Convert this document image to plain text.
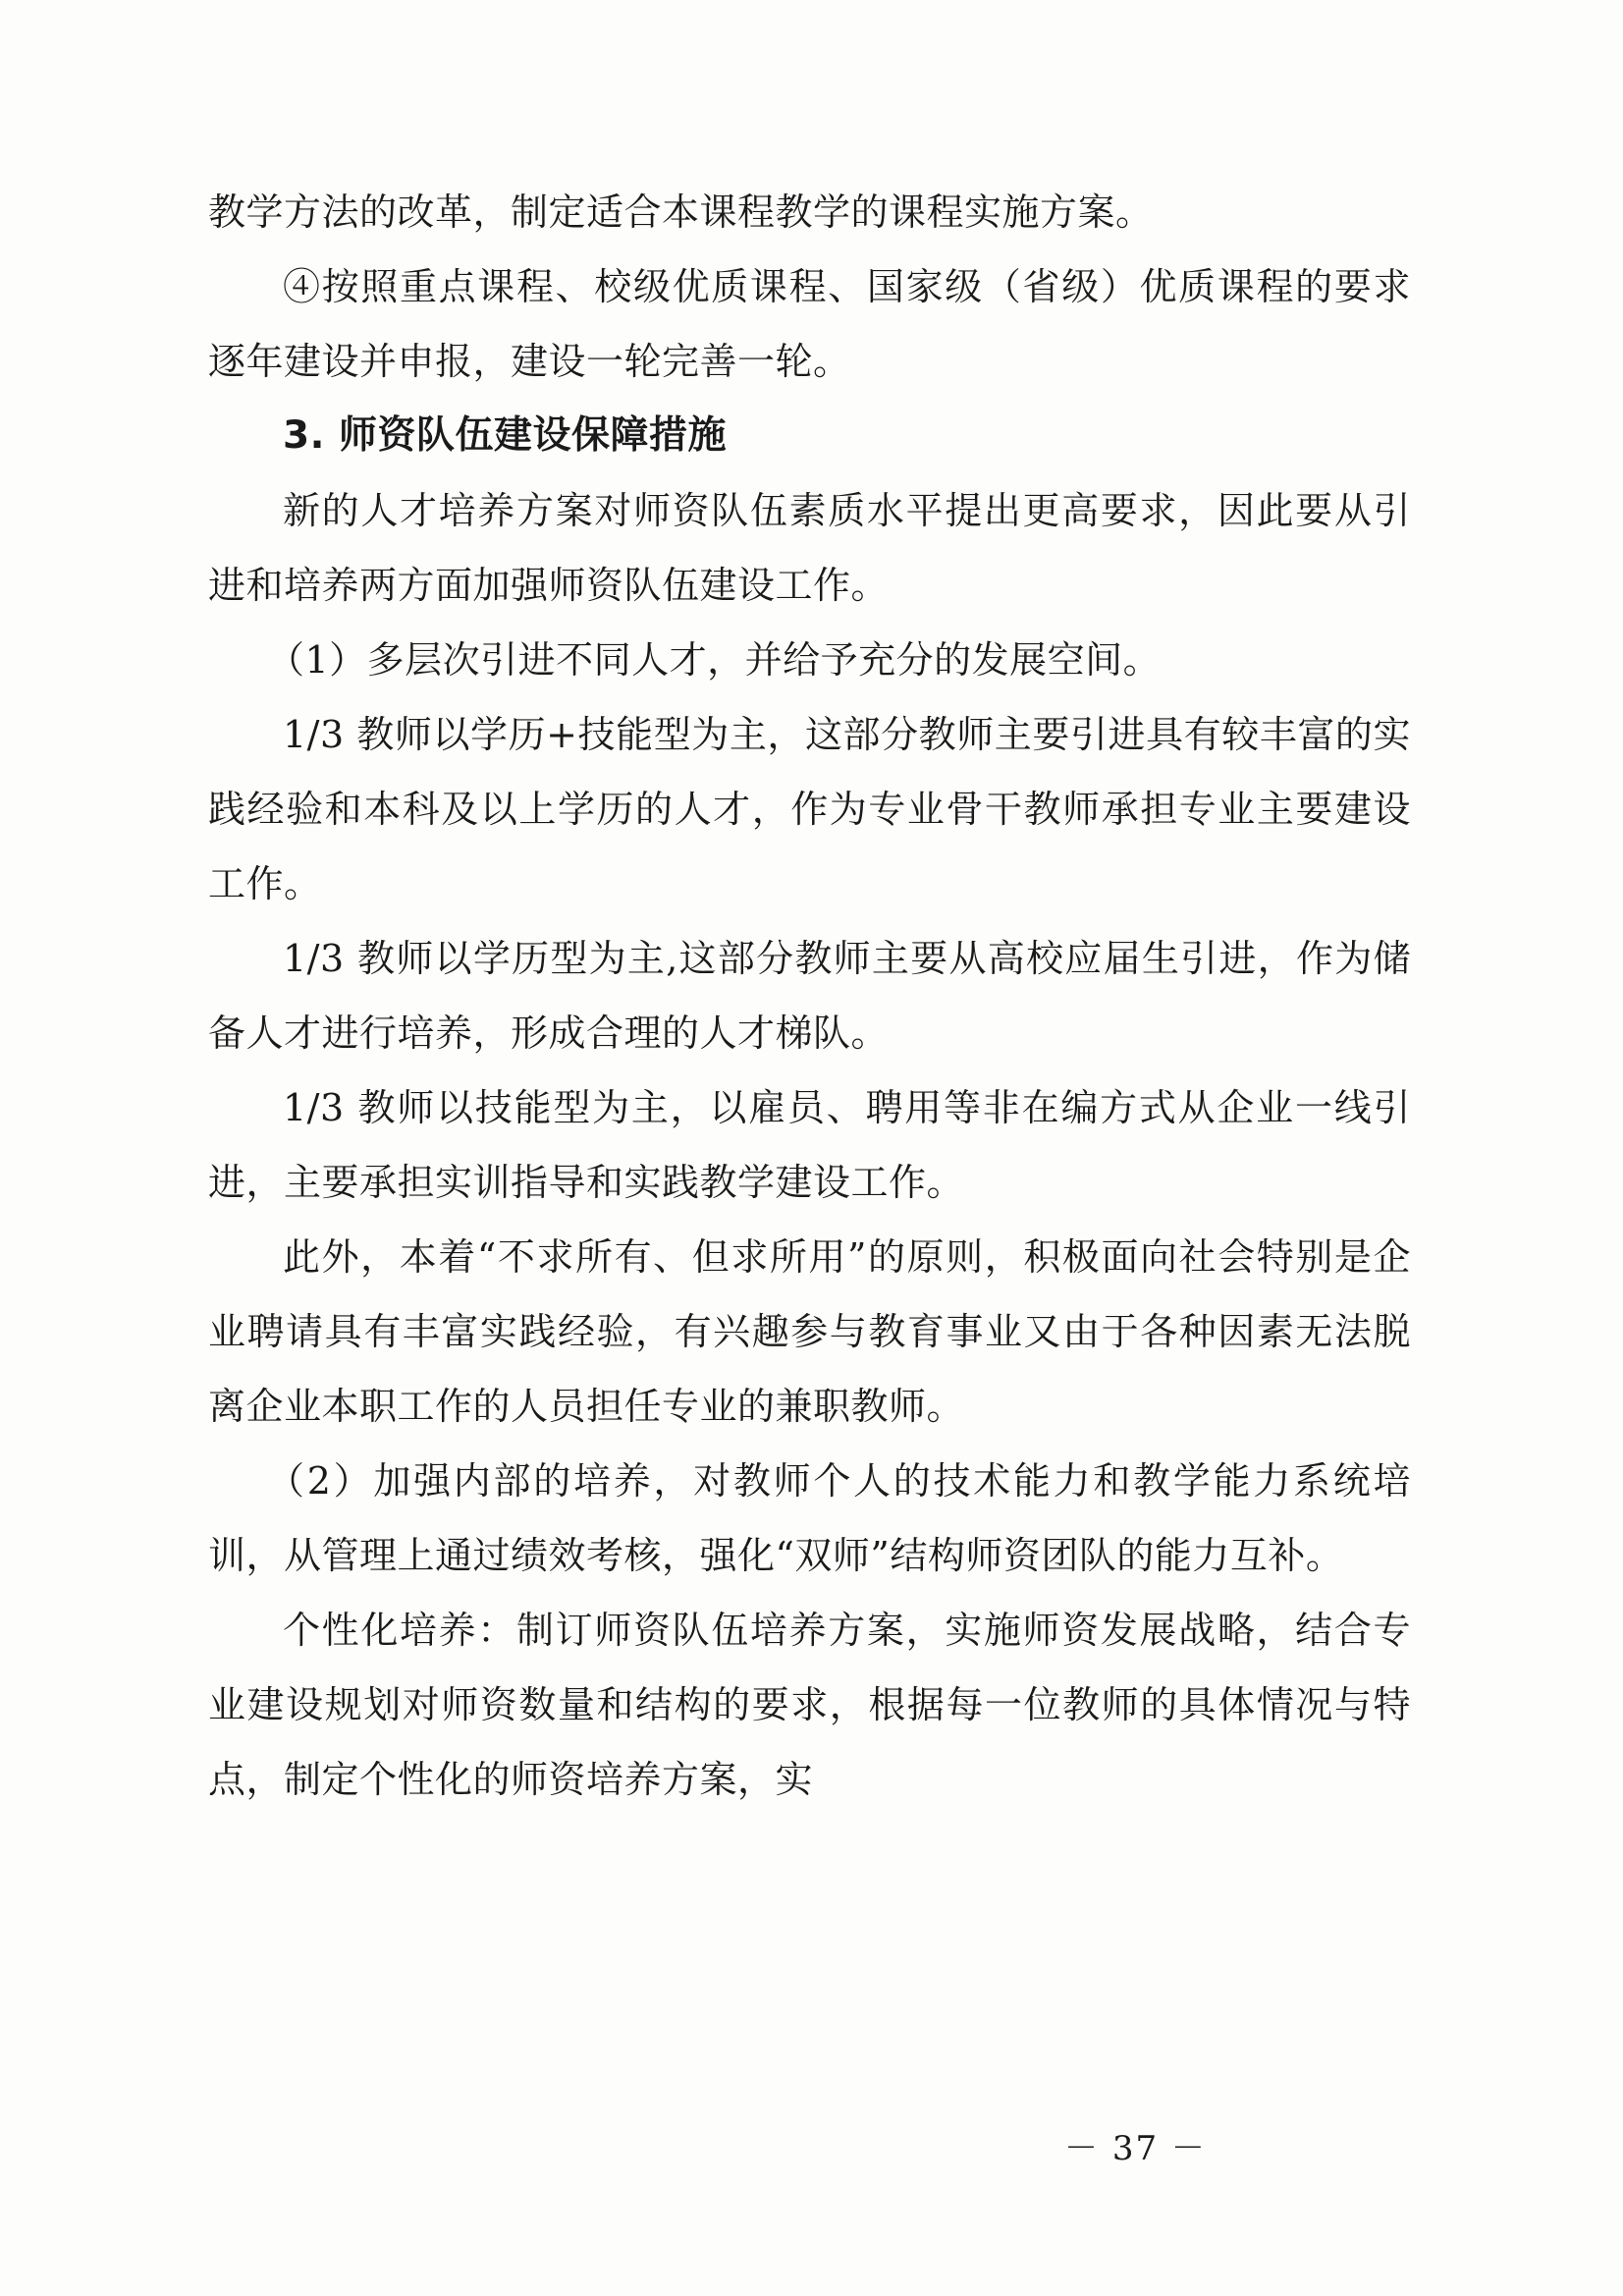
教学方法的改革，制定适合本课程教学的课程实施方案。

④按照重点课程、校级优质课程、国家级（省级）优质课程的要求逐年建设并申报，建设一轮完善一轮。

3. 师资队伍建设保障措施

新的人才培养方案对师资队伍素质水平提出更高要求，因此要从引进和培养两方面加强师资队伍建设工作。

（1）多层次引进不同人才，并给予充分的发展空间。

1/3 教师以学历+技能型为主，这部分教师主要引进具有较丰富的实践经验和本科及以上学历的人才，作为专业骨干教师承担专业主要建设工作。

1/3 教师以学历型为主,这部分教师主要从高校应届生引进，作为储备人才进行培养，形成合理的人才梯队。

1/3 教师以技能型为主，以雇员、聘用等非在编方式从企业一线引进，主要承担实训指导和实践教学建设工作。

此外，本着“不求所有、但求所用”的原则，积极面向社会特别是企业聘请具有丰富实践经验，有兴趣参与教育事业又由于各种因素无法脱离企业本职工作的人员担任专业的兼职教师。

（2）加强内部的培养，对教师个人的技术能力和教学能力系统培训，从管理上通过绩效考核，强化“双师”结构师资团队的能力互补。

个性化培养：制订师资队伍培养方案，实施师资发展战略，结合专业建设规划对师资数量和结构的要求，根据每一位教师的具体情况与特点，制定个性化的师资培养方案，实

－ 37 －
